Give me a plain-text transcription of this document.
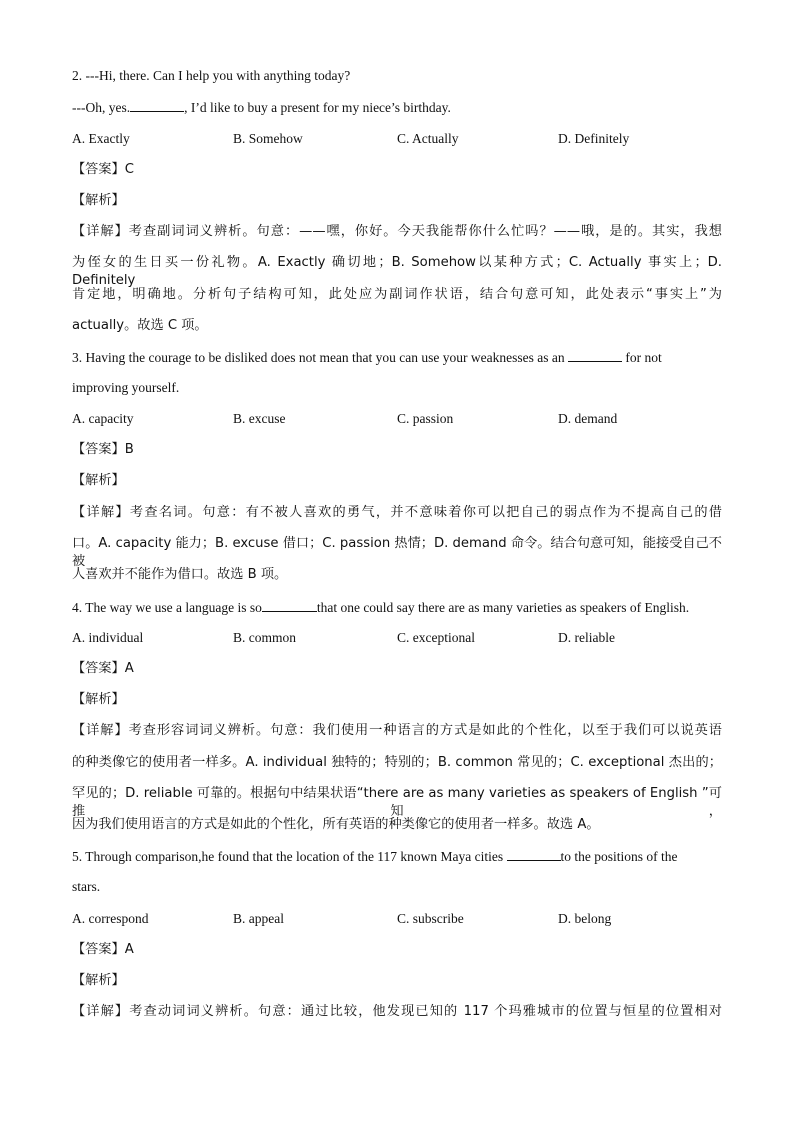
2. ---Hi, there. Can I help you with anything today?
---Oh, yes.	, I’d like to buy a present for my niece’s birthday.
A. Exactly	B. Somehow	C. Actually	D. Definitely
【答案】C
【解析】
【详解】考查副词词义辨析。句意：——嘿，你好。今天我能帮你什么忙吗？——哦，是的。其实，我想
为侄女的生日买一份礼物。A. Exactly 确切地；B. Somehow以某种方式；C. Actually 事实上；D. Definitely
肯定地，明确地。分析句子结构可知，此处应为副词作状语，结合句意可知，此处表示“事实上”为
actually。故选 C 项。
3. Having the courage to be disliked does not mean that you can use your weaknesses as an	for not
improving yourself.
A. capacity	B. excuse	C. passion	D. demand
【答案】B
【解析】
【详解】考查名词。句意：有不被人喜欢的勇气，并不意味着你可以把自己的弱点作为不提高自己的借
口。A. capacity 能力；B. excuse 借口；C. passion 热情；D. demand 命令。结合句意可知，能接受自己不被
人喜欢并不能作为借口。故选 B 项。
4. The way we use a language is so	that one could say there are as many varieties as speakers of English.
A. individual	B. common	C. exceptional	D. reliable
【答案】A
【解析】
【详解】考查形容词词义辨析。句意：我们使用一种语言的方式是如此的个性化，以至于我们可以说英语
的种类像它的使用者一样多。A. individual 独特的；特别的；B. common 常见的；C. exceptional 杰出的；
罕见的；D. reliable 可靠的。根据句中结果状语“there are as many varieties as speakers of English ”可推知，
因为我们使用语言的方式是如此的个性化，所有英语的种类像它的使用者一样多。故选 A。
5. Through comparison,he found that the location of the 117 known Maya cities	to the positions of the
stars.
A. correspond	B. appeal	C. subscribe	D. belong
【答案】A
【解析】
【详解】考查动词词义辨析。句意：通过比较，他发现已知的 117 个玛雅城市的位置与恒星的位置相对
